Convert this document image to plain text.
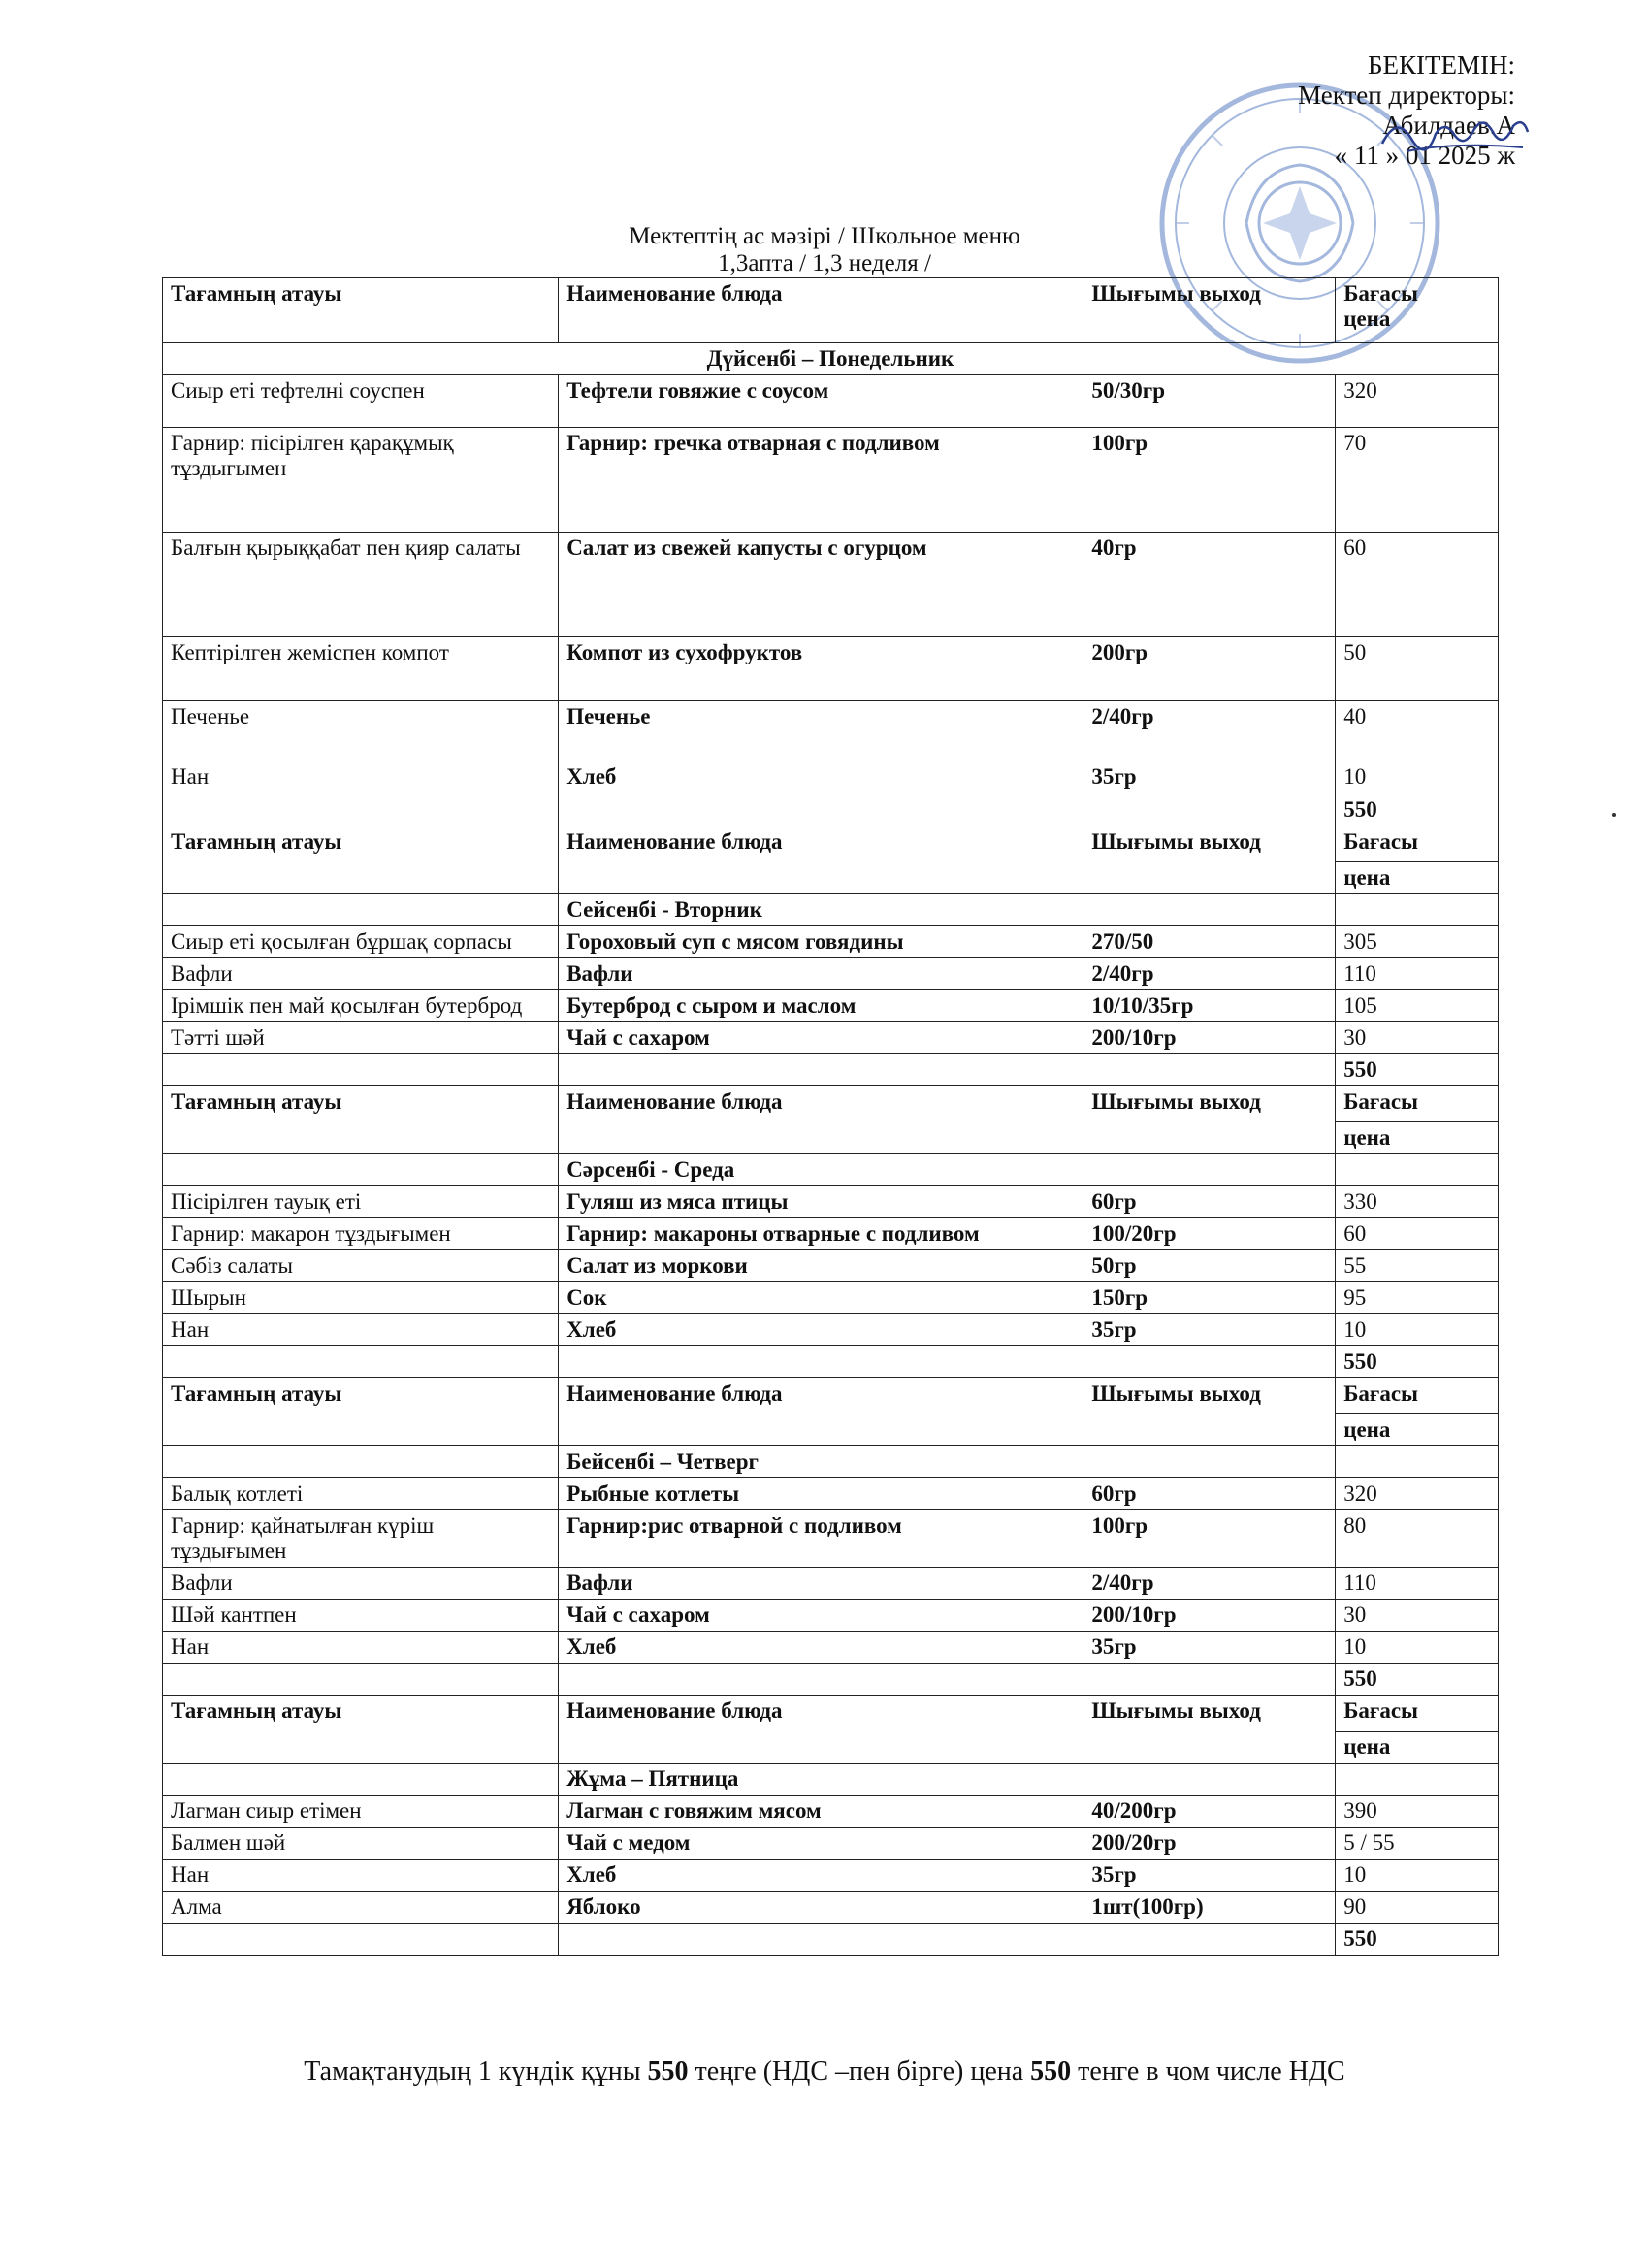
БЕКІТЕМІН:
Мектеп директоры:
Абилдаев.А
« 11 » 01 2025 ж
Мектептің ас мәзірі / Школьное меню
1,3апта / 1,3 неделя /
Тағамның атауы	Наименование блюда	Шығымы выход	Бағасы
цена

Дүйсенбі – Понедельник			
Сиыр еті тефтелні соуспен	Тефтели говяжие с соусом	50/30гр	320
Гарнир: пісірілген қарақұмық тұздығымен	Гарнир: гречка отварная с подливом	100гр	70
Балғын қырыққабат пен қияр салаты	Салат из свежей капусты с огурцом	40гр	60
Кептірілген жеміспен компот	Компот из сухофруктов	200гр	50
Печенье	Печенье	2/40гр	40
Нан	Хлеб	35гр	10
			550
Тағамның атауы	Наименование блюда	Шығымы выход	Бағасы
			цена
	Сейсенбі - Вторник		
Сиыр еті қосылған бұршақ сорпасы	Гороховый суп с мясом говядины	270/50	305
Вафли	Вафли	2/40гр	110
Ірімшік пен май қосылған бутерброд	Бутерброд с сыром и маслом	10/10/35гр	105
Тәтті шәй	Чай с сахаром	200/10гр	30
			550
Тағамның атауы	Наименование блюда	Шығымы выход	Бағасы
			цена
	Сәрсенбі - Среда		
Пісірілген тауық еті	Гуляш из мяса птицы	60гр	330
Гарнир: макарон тұздығымен	Гарнир: макароны отварные с подливом	100/20гр	60
Сәбіз салаты	Салат из моркови	50гр	55
Шырын	Сок	150гр	95
Нан	Хлеб	35гр	10
			550
Тағамның атауы	Наименование блюда	Шығымы выход	Бағасы
			цена
	Бейсенбі – Четверг		
Балық котлеті	Рыбные котлеты	60гр	320
Гарнир: қайнатылған күріш тұздығымен	Гарнир:рис отварной с подливом	100гр	80
Вафли	Вафли	2/40гр	110
Шәй кантпен	Чай с сахаром	200/10гр	30
Нан	Хлеб	35гр	10
			550
Тағамның атауы	Наименование блюда	Шығымы выход	Бағасы
			цена
	Жұма – Пятница		
Лагман сиыр етімен	Лагман с говяжим мясом	40/200гр	390
Балмен шәй	Чай с медом	200/20гр	5 / 55
Нан	Хлеб	35гр	10
Алма	Яблоко	1шт(100гр)	90
			550
Тамақтанудың 1 күндік құны 550 теңге (НДС –пен бірге) цена 550 тенге в чом числе НДС
